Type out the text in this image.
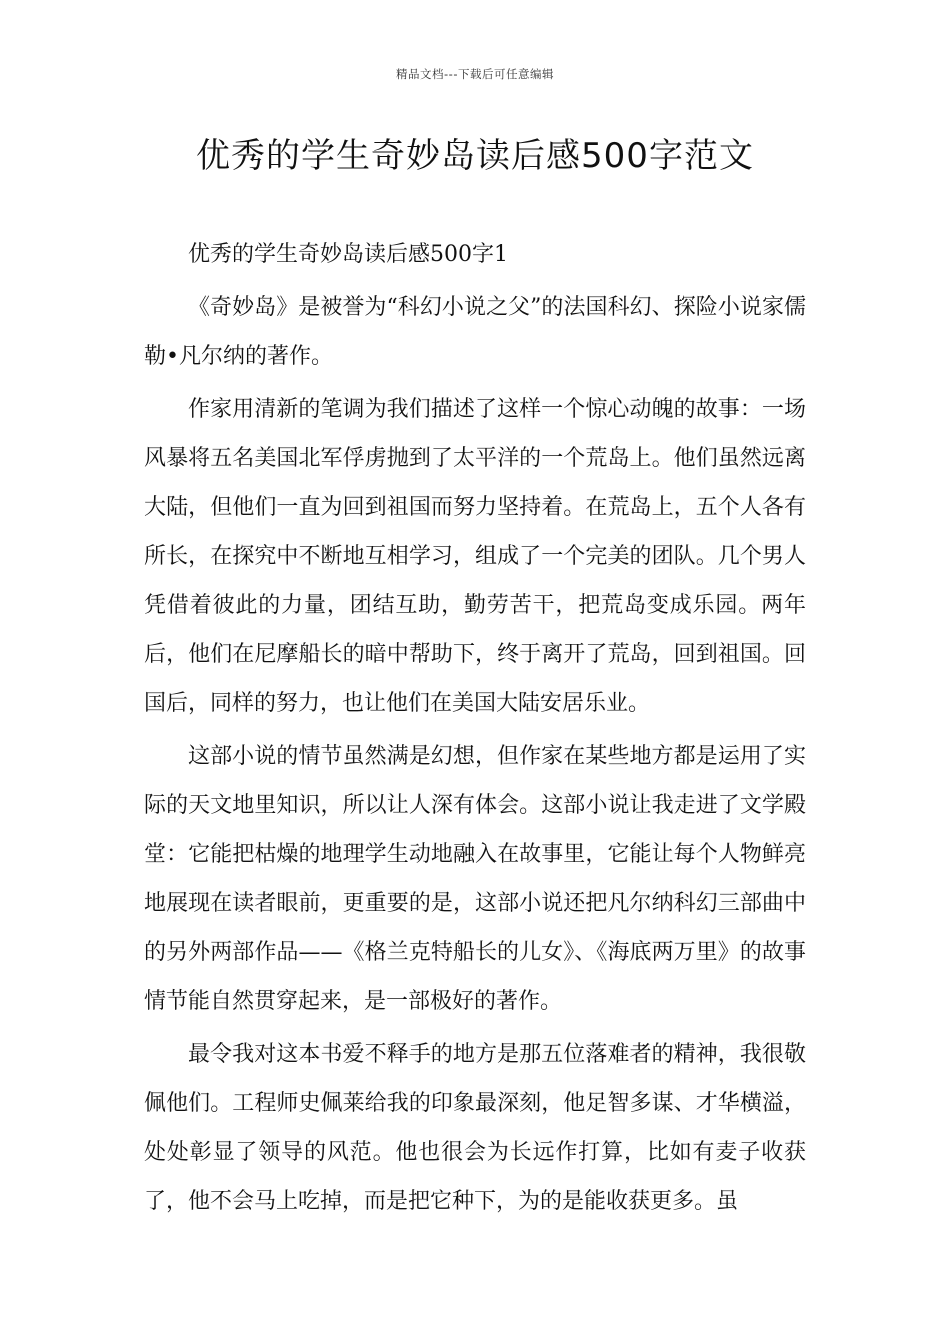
精品文档---下载后可任意编辑
优秀的学生奇妙岛读后感500字范文

优秀的学生奇妙岛读后感500字1

《奇妙岛》是被誉为“科幻小说之父”的法国科幻、探险小说家儒勒•凡尔纳的著作。

作家用清新的笔调为我们描述了这样一个惊心动魄的故事：一场风暴将五名美国北军俘虏抛到了太平洋的一个荒岛上。他们虽然远离大陆，但他们一直为回到祖国而努力坚持着。在荒岛上，五个人各有所长，在探究中不断地互相学习，组成了一个完美的团队。几个男人凭借着彼此的力量，团结互助，勤劳苦干，把荒岛变成乐园。两年后，他们在尼摩船长的暗中帮助下，终于离开了荒岛，回到祖国。回国后，同样的努力，也让他们在美国大陆安居乐业。

这部小说的情节虽然满是幻想，但作家在某些地方都是运用了实际的天文地里知识，所以让人深有体会。这部小说让我走进了文学殿堂：它能把枯燥的地理学生动地融入在故事里，它能让每个人物鲜亮地展现在读者眼前，更重要的是，这部小说还把凡尔纳科幻三部曲中的另外两部作品——《格兰克特船长的儿女》、《海底两万里》的故事情节能自然贯穿起来，是一部极好的著作。

最令我对这本书爱不释手的地方是那五位落难者的精神，我很敬佩他们。工程师史佩莱给我的印象最深刻，他足智多谋、才华横溢，处处彰显了领导的风范。他也很会为长远作打算，比如有麦子收获了，他不会马上吃掉，而是把它种下，为的是能收获更多。虽
